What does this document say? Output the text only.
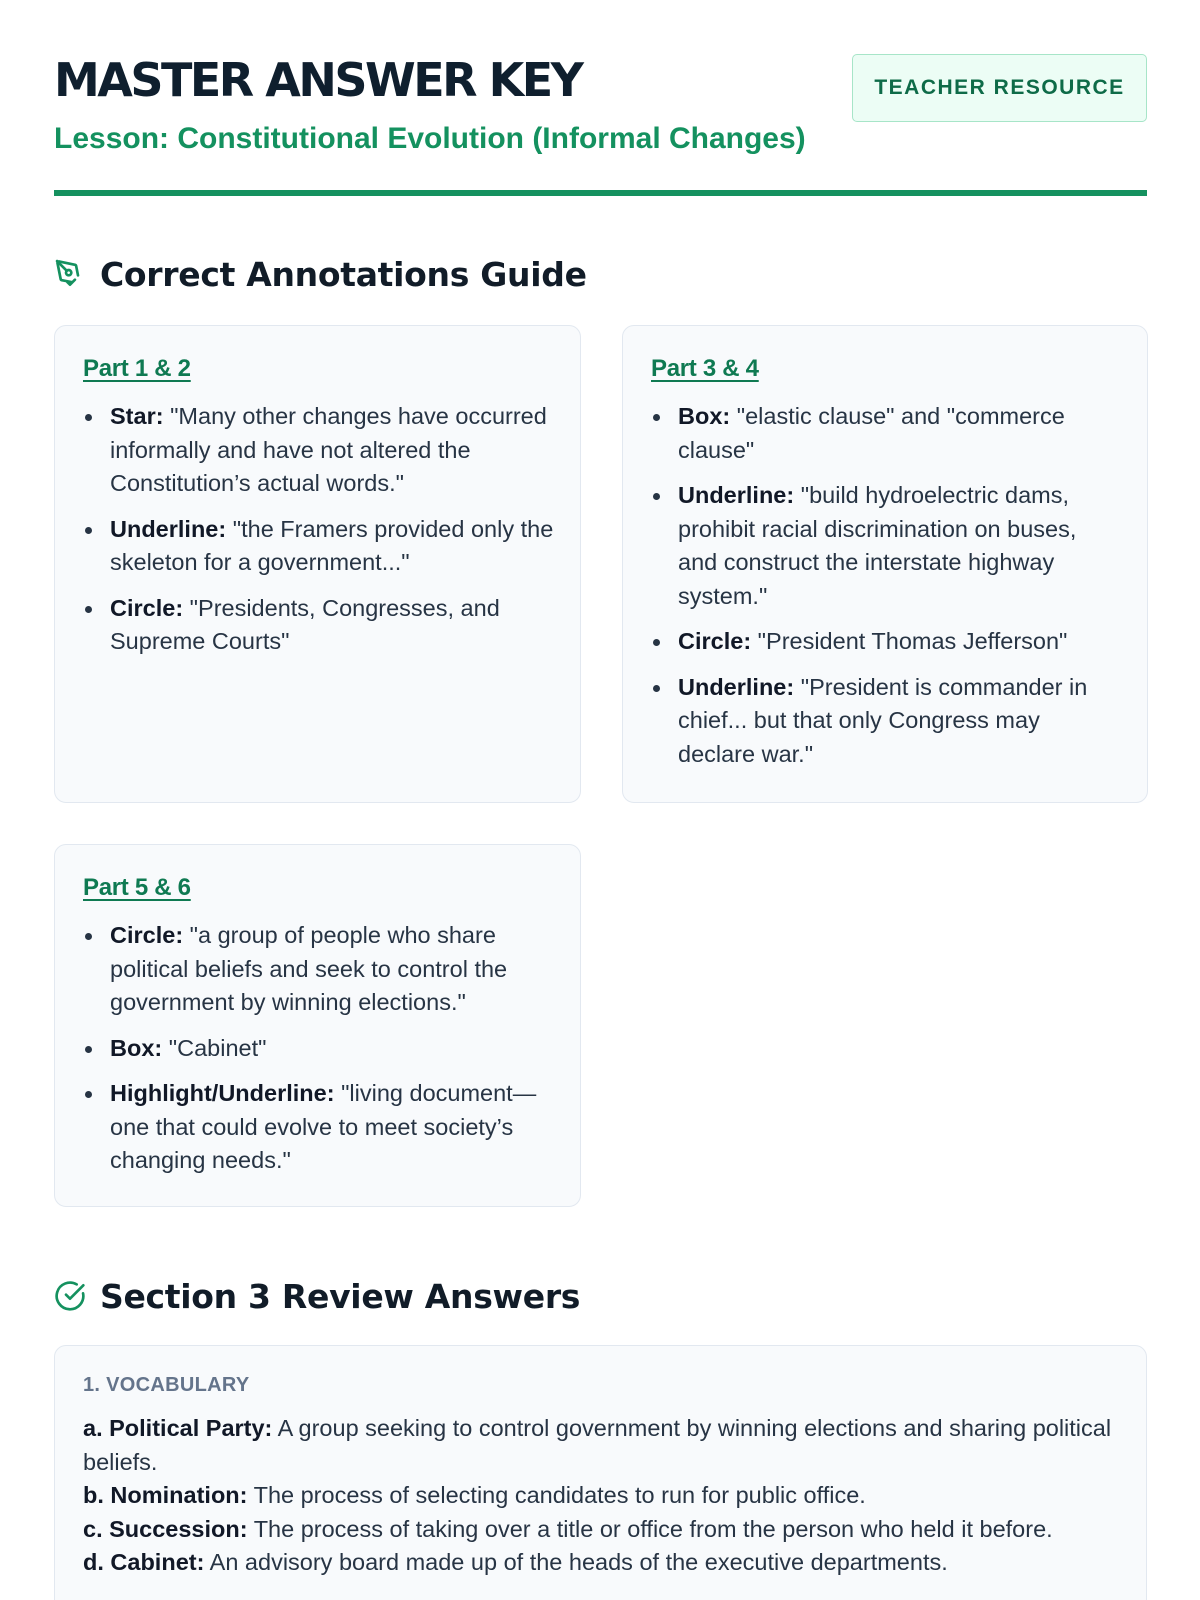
MASTER ANSWER KEY
Lesson: Constitutional Evolution (Informal Changes)
TEACHER RESOURCE
Correct Annotations Guide
Part 1 & 2
Star: "Many other changes have occurred informally and have not altered the Constitution’s actual words."
Underline: "the Framers provided only the skeleton for a government..."
Circle: "Presidents, Congresses, and Supreme Courts"
Part 3 & 4
Box: "elastic clause" and "commerce clause"
Underline: "build hydroelectric dams, prohibit racial discrimination on buses, and construct the interstate highway system."
Circle: "President Thomas Jefferson"
Underline: "President is commander in chief... but that only Congress may declare war."
Part 5 & 6
Circle: "a group of people who share political beliefs and seek to control the government by winning elections."
Box: "Cabinet"
Highlight/Underline: "living document—one that could evolve to meet society’s changing needs."
Section 3 Review Answers
1. VOCABULARY
a. Political Party: A group seeking to control government by winning elections and sharing political beliefs.
b. Nomination: The process of selecting candidates to run for public office.
c. Succession: The process of taking over a title or office from the person who held it before.
d. Cabinet: An advisory board made up of the heads of the executive departments.
